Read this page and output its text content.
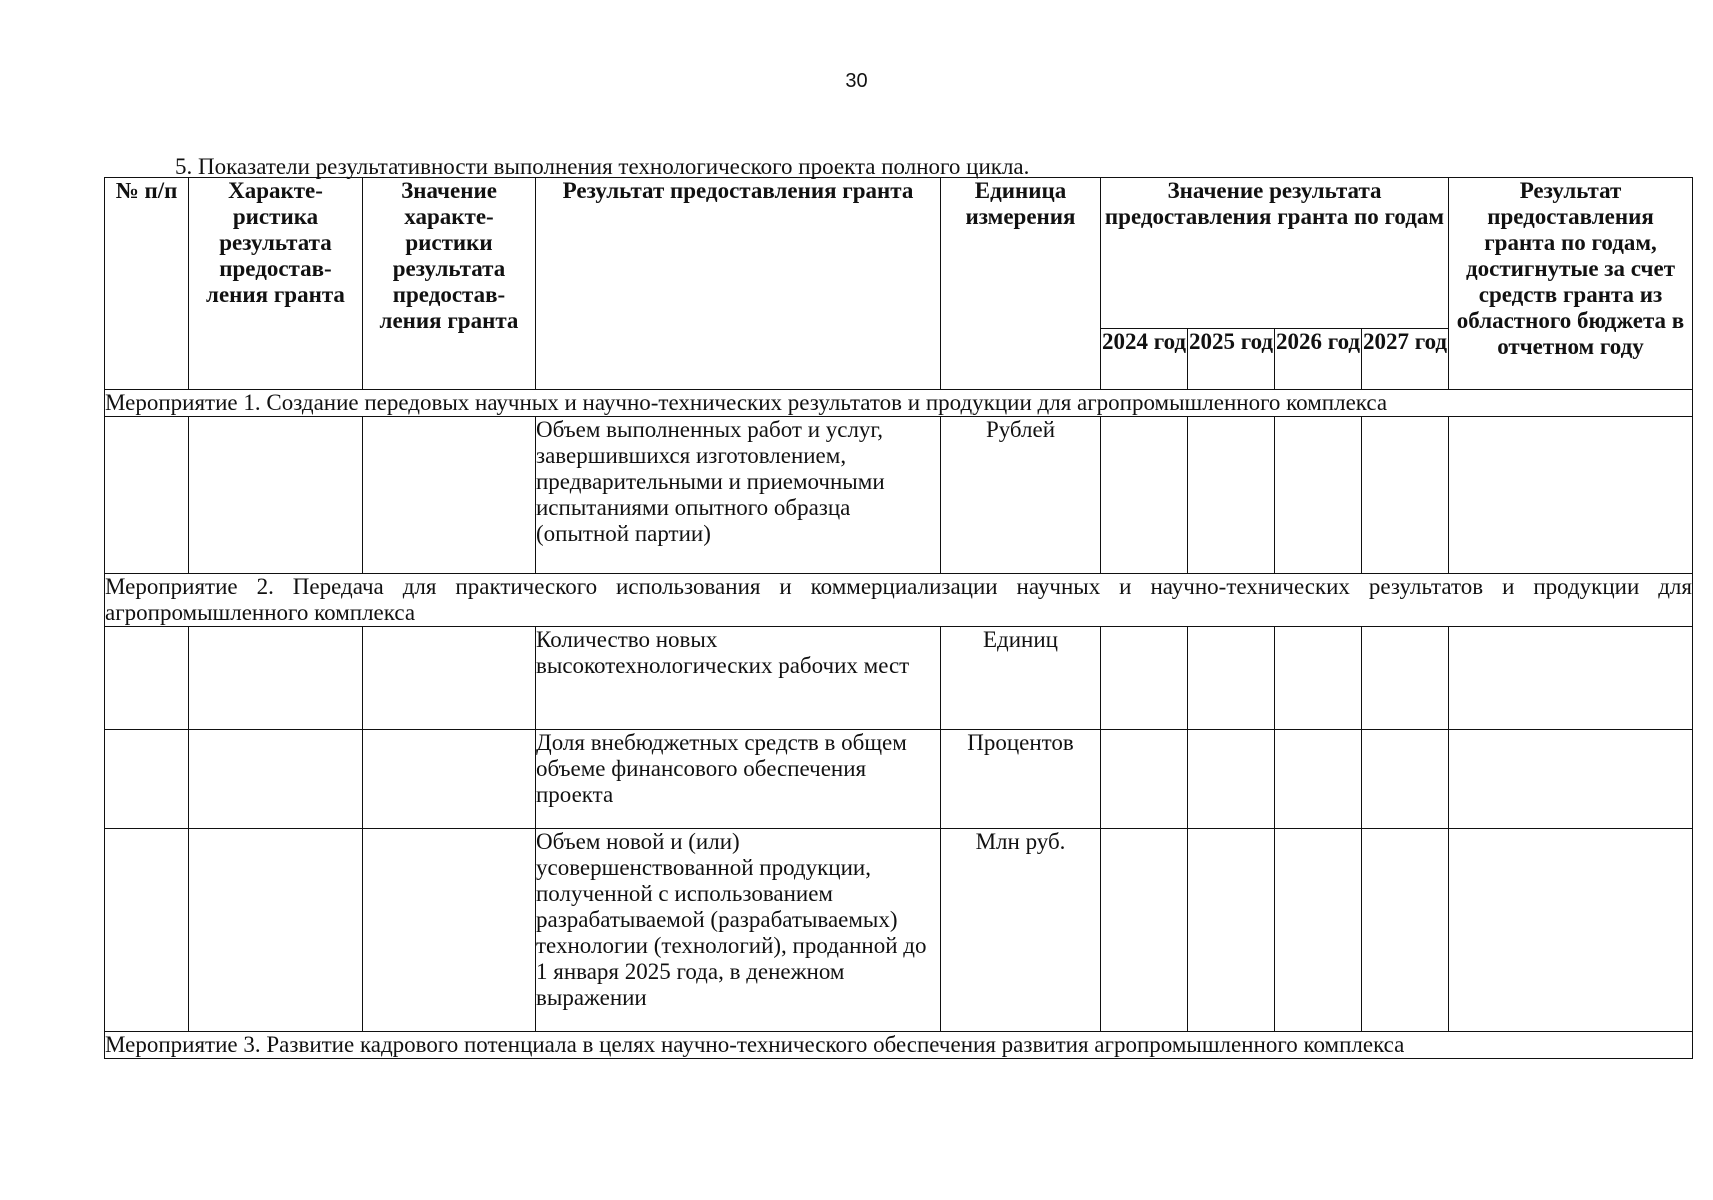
30
5. Показатели результативности выполнения технологического проекта полного цикла.
№ п/п	Характе-ристика результата предостав-ления гранта	Значение характе-ристики результата предостав-ления гранта	Результат предоставления гранта	Единица измерения	Значение результата предоставления гранта по годам				Результат предоставления гранта по годам, достигнутые за счет средств гранта из областного бюджета в отчетном году
					2024 год	2025 год	2026 год	2027 год	
Мероприятие 1. Создание передовых научных и научно-технических результатов и продукции для агропромышленного комплекса									
			Объем выполненных работ и услуг, завершившихся изготовлением, предварительными и приемочными испытаниями опытного образца (опытной партии)	Рублей					
Мероприятие 2. Передача для практического использования и коммерциализации научных и научно-технических результатов и продукции для агропромышленного комплекса									
			Количество новых высокотехнологических рабочих мест	Единиц					
			Доля внебюджетных средств в общем объеме финансового обеспечения проекта	Процентов					
			Объем новой и (или) усовершенствованной продукции, полученной с использованием разрабатываемой (разрабатываемых) технологии (технологий), проданной до 1 января 2025 года, в денежном выражении	Млн руб.					
Мероприятие 3. Развитие кадрового потенциала в целях научно-технического обеспечения развития агропромышленного комплекса									
